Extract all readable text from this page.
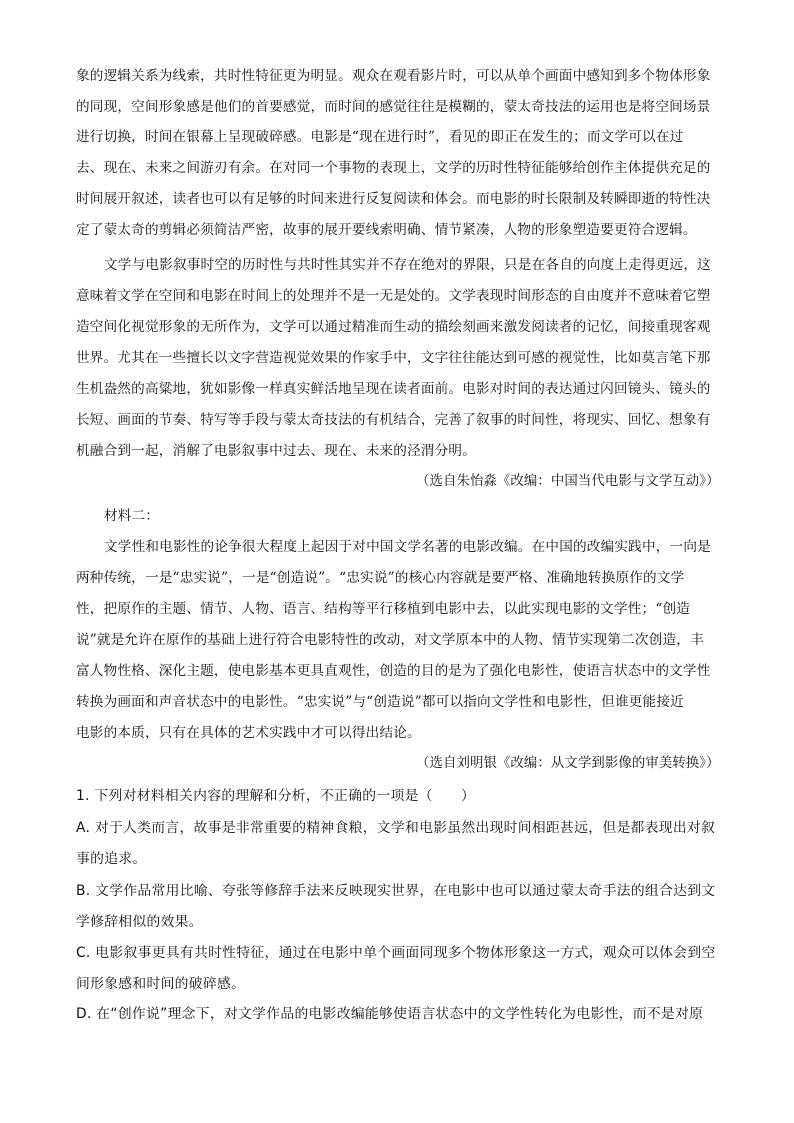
象的逻辑关系为线索，共时性特征更为明显。观众在观看影片时，可以从单个画面中感知到多个物体形象
的同现，空间形象感是他们的首要感觉，而时间的感觉往往是模糊的，蒙太奇技法的运用也是将空间场景
进行切换，时间在银幕上呈现破碎感。电影是“现在进行时”，看见的即正在发生的；而文学可以在过
去、现在、未来之间游刃有余。在对同一个事物的表现上，文学的历时性特征能够给创作主体提供充足的
时间展开叙述，读者也可以有足够的时间来进行反复阅读和体会。而电影的时长限制及转瞬即逝的特性决
定了蒙太奇的剪辑必须简洁严密，故事的展开要线索明确、情节紧凑，人物的形象塑造要更符合逻辑。
文学与电影叙事时空的历时性与共时性其实并不存在绝对的界限，只是在各自的向度上走得更远，这
意味着文学在空间和电影在时间上的处理并不是一无是处的。文学表现时间形态的自由度并不意味着它塑
造空间化视觉形象的无所作为，文学可以通过精准而生动的描绘刻画来激发阅读者的记忆，间接重现客观
世界。尤其在一些擅长以文字营造视觉效果的作家手中，文字往往能达到可感的视觉性，比如莫言笔下那
生机盎然的高粱地，犹如影像一样真实鲜活地呈现在读者面前。电影对时间的表达通过闪回镜头、镜头的
长短、画面的节奏、特写等手段与蒙太奇技法的有机结合，完善了叙事的时间性，将现实、回忆、想象有
机融合到一起，消解了电影叙事中过去、现在、未来的泾渭分明。
（选自朱怡淼《改编：中国当代电影与文学互动》）
材料二：
文学性和电影性的论争很大程度上起因于对中国文学名著的电影改编。在中国的改编实践中，一向是
两种传统，一是“忠实说”，一是“创造说”。“忠实说”的核心内容就是要严格、准确地转换原作的文学
性，把原作的主题、情节、人物、语言、结构等平行移植到电影中去，以此实现电影的文学性；“创造
说”就是允许在原作的基础上进行符合电影特性的改动，对文学原本中的人物、情节实现第二次创造，丰
富人物性格、深化主题，使电影基本更具直观性，创造的目的是为了强化电影性，使语言状态中的文学性
转换为画面和声音状态中的电影性。“忠实说”与“创造说”都可以指向文学性和电影性，但谁更能接近
电影的本质，只有在具体的艺术实践中才可以得出结论。
（选自刘明银《改编：从文学到影像的审美转换》）
1. 下列对材料相关内容的理解和分析，不正确的一项是（　　）
A. 对于人类而言，故事是非常重要的精神食粮，文学和电影虽然出现时间相距甚远，但是都表现出对叙
事的追求。
B. 文学作品常用比喻、夸张等修辞手法来反映现实世界，在电影中也可以通过蒙太奇手法的组合达到文
学修辞相似的效果。
C. 电影叙事更具有共时性特征，通过在电影中单个画面同现多个物体形象这一方式，观众可以体会到空
间形象感和时间的破碎感。
D. 在“创作说”理念下，对文学作品的电影改编能够使语言状态中的文学性转化为电影性，而不是对原
